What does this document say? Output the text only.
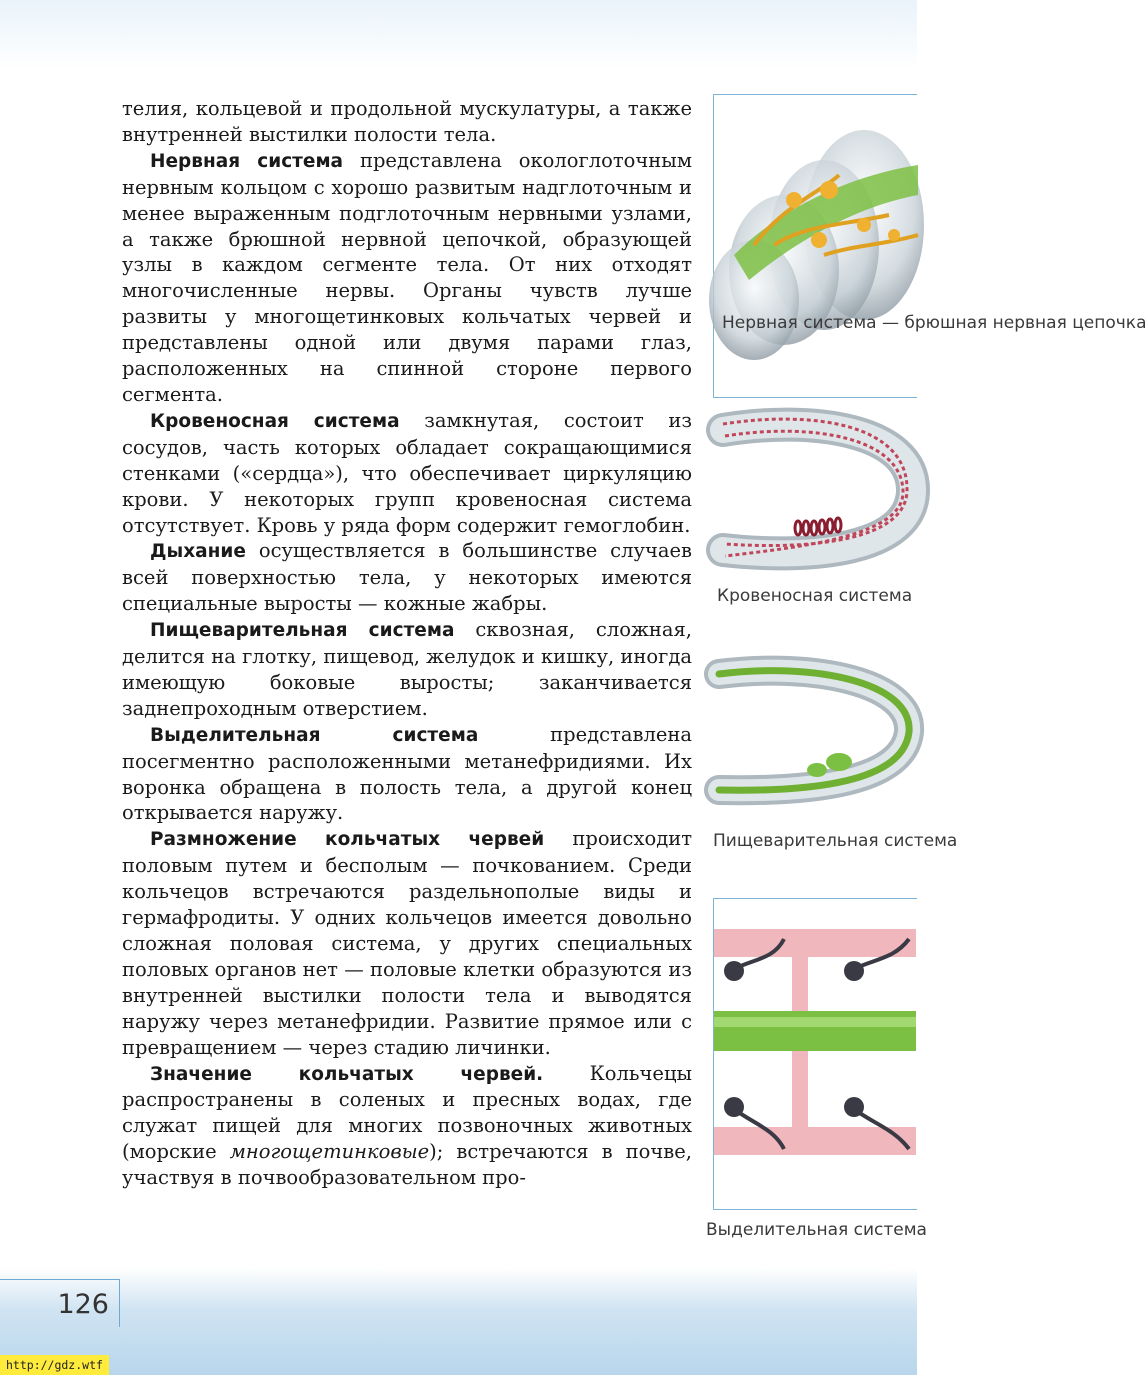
телия, кольцевой и продольной мускулатуры, а также внутренней выстилки полости тела.

Нервная система представлена окологлоточным нервным кольцом с хорошо развитым надглоточным и менее выраженным подглоточным нервными узлами, а также брюшной нервной цепочкой, образующей узлы в каждом сегменте тела. От них отходят многочисленные нервы. Органы чувств лучше развиты у многощетинковых кольчатых червей и представлены одной или двумя парами глаз, расположенных на спинной стороне первого сегмента.

Кровеносная система замкнутая, состоит из сосудов, часть которых обладает сокращающимися стенками («сердца»), что обеспечивает циркуляцию крови. У некоторых групп кровеносная система отсутствует. Кровь у ряда форм содержит гемоглобин.

Дыхание осуществляется в большинстве случаев всей поверхностью тела, у некоторых имеются специальные выросты — кожные жабры.

Пищеварительная система сквозная, сложная, делится на глотку, пищевод, желудок и кишку, иногда имеющую боковые выросты; заканчивается заднепроходным отверстием.

Выделительная система представлена посегментно расположенными метанефридиями. Их воронка обращена в полость тела, а другой конец открывается наружу.

Размножение кольчатых червей происходит половым путем и бесполым — почкованием. Среди кольчецов встречаются раздельнополые виды и гермафродиты. У одних кольчецов имеется довольно сложная половая система, у других специальных половых органов нет — половые клетки образуются из внутренней выстилки полости тела и выводятся наружу через метанефридии. Развитие прямое или с превращением — через стадию личинки.

Значение кольчатых червей. Кольчецы распространены в соленых и пресных водах, где служат пищей для многих позвоночных животных (морские многощетинковые); встречаются в почве, участвуя в почвообразовательном про-

Нервная система — брюшная нервная цепочка
Кровеносная система
Пищеварительная система
Выделительная система
126
http://gdz.wtf
